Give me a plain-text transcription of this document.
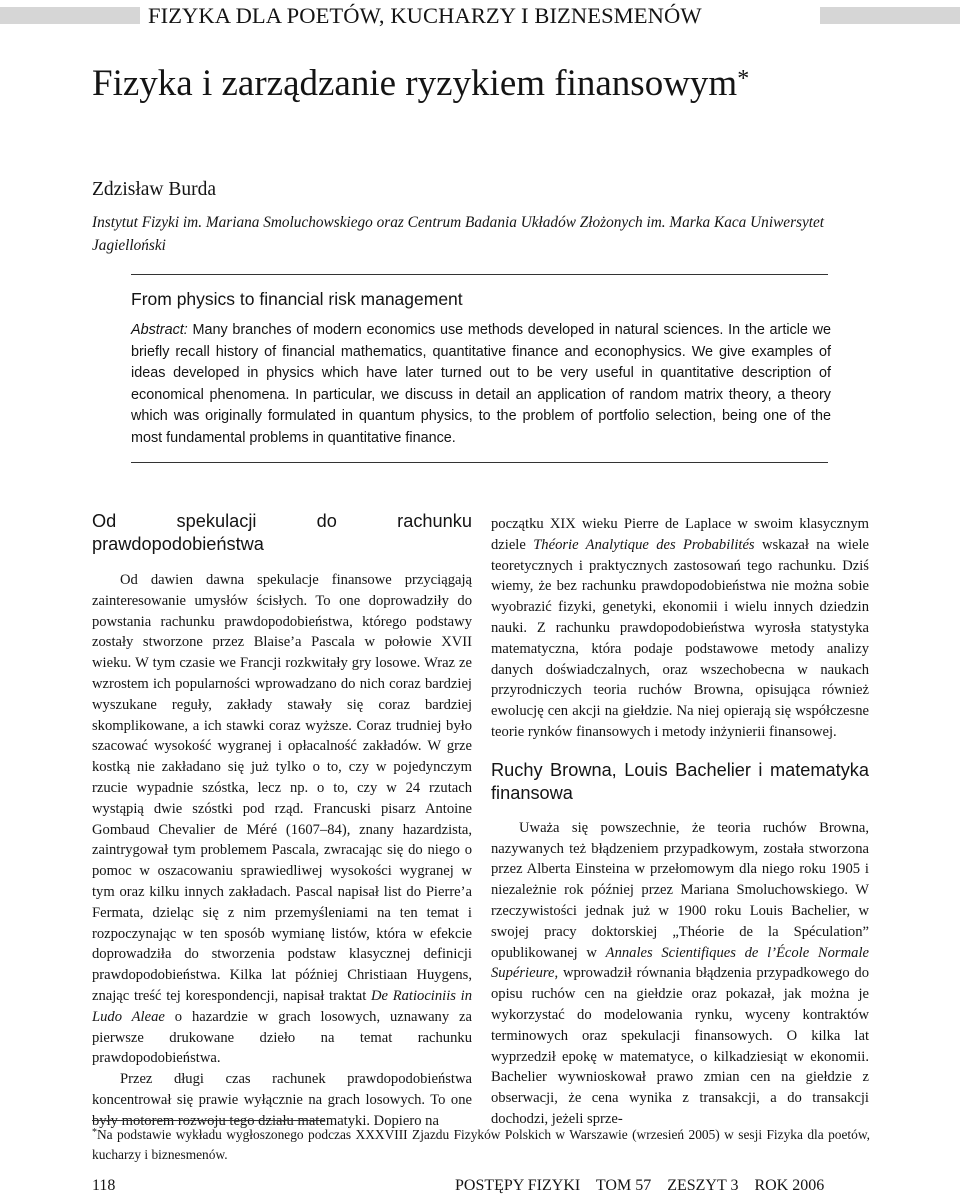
FIZYKA DLA POETÓW, KUCHARZY I BIZNESMENÓW
Fizyka i zarządzanie ryzykiem finansowym*
Zdzisław Burda
Instytut Fizyki im. Mariana Smoluchowskiego oraz Centrum Badania Układów Złożonych im. Marka Kaca Uniwersytet Jagielloński
From physics to financial risk management
Abstract: Many branches of modern economics use methods developed in natural sciences. In the article we briefly recall history of financial mathematics, quantitative finance and econophysics. We give examples of ideas developed in physics which have later turned out to be very useful in quantitative description of economical phenomena. In particular, we discuss in detail an application of random matrix theory, a theory which was originally formulated in quantum physics, to the problem of portfolio selection, being one of the most fundamental problems in quantitative finance.
Od spekulacji do rachunku prawdopodobieństwa

Od dawien dawna spekulacje finansowe przyciągają zainteresowanie umysłów ścisłych. To one doprowadziły do powstania rachunku prawdopodobieństwa, którego podstawy zostały stworzone przez Blaise’a Pascala w połowie XVII wieku. W tym czasie we Francji rozkwitały gry losowe. Wraz ze wzrostem ich popularności wprowadzano do nich coraz bardziej wyszukane reguły, zakłady stawały się coraz bardziej skomplikowane, a ich stawki coraz wyższe. Coraz trudniej było szacować wysokość wygranej i opłacalność zakładów. W grze kostką nie zakładano się już tylko o to, czy w pojedynczym rzucie wypadnie szóstka, lecz np. o to, czy w 24 rzutach wystąpią dwie szóstki pod rząd. Francuski pisarz Antoine Gombaud Chevalier de Méré (1607–84), znany hazardzista, zaintrygował tym problemem Pascala, zwracając się do niego o pomoc w oszacowaniu sprawiedliwej wysokości wygranej w tym oraz kilku innych zakładach. Pascal napisał list do Pierre’a Fermata, dzieląc się z nim przemyśleniami na ten temat i rozpoczynając w ten sposób wymianę listów, która w efekcie doprowadziła do stworzenia podstaw klasycznej definicji prawdopodobieństwa. Kilka lat później Christiaan Huygens, znając treść tej korespondencji, napisał traktat De Ratiociniis in Ludo Aleae o hazardzie w grach losowych, uznawany za pierwsze drukowane dzieło na temat rachunku prawdopodobieństwa.

Przez długi czas rachunek prawdopodobieństwa koncentrował się prawie wyłącznie na grach losowych. To one były motorem rozwoju tego działu matematyki. Dopiero na

początku XIX wieku Pierre de Laplace w swoim klasycznym dziele Théorie Analytique des Probabilités wskazał na wiele teoretycznych i praktycznych zastosowań tego rachunku. Dziś wiemy, że bez rachunku prawdopodobieństwa nie można sobie wyobrazić fizyki, genetyki, ekonomii i wielu innych dziedzin nauki. Z rachunku prawdopodobieństwa wyrosła statystyka matematyczna, która podaje podstawowe metody analizy danych doświadczalnych, oraz wszechobecna w naukach przyrodniczych teoria ruchów Browna, opisująca również ewolucję cen akcji na giełdzie. Na niej opierają się współczesne teorie rynków finansowych i metody inżynierii finansowej.

Ruchy Browna, Louis Bachelier i matematyka finansowa

Uważa się powszechnie, że teoria ruchów Browna, nazywanych też błądzeniem przypadkowym, została stworzona przez Alberta Einsteina w przełomowym dla niego roku 1905 i niezależnie rok później przez Mariana Smoluchowskiego. W rzeczywistości jednak już w 1900 roku Louis Bachelier, w swojej pracy doktorskiej „Théorie de la Spéculation” opublikowanej w Annales Scientifiques de l’École Normale Supérieure, wprowadził równania błądzenia przypadkowego do opisu ruchów cen na giełdzie oraz pokazał, jak można je wykorzystać do modelowania rynku, wyceny kontraktów terminowych oraz spekulacji finansowych. O kilka lat wyprzedził epokę w matematyce, o kilkadziesiąt w ekonomii. Bachelier wywnioskował prawo zmian cen na giełdzie z obserwacji, że cena wynika z transakcji, a do transakcji dochodzi, jeżeli sprze-

*Na podstawie wykładu wygłoszonego podczas XXXVIII Zjazdu Fizyków Polskich w Warszawie (wrzesień 2005) w sesji Fizyka dla poetów, kucharzy i biznesmenów.
118	POSTĘPY FIZYKI TOM 57 ZESZYT 3 ROK 2006
